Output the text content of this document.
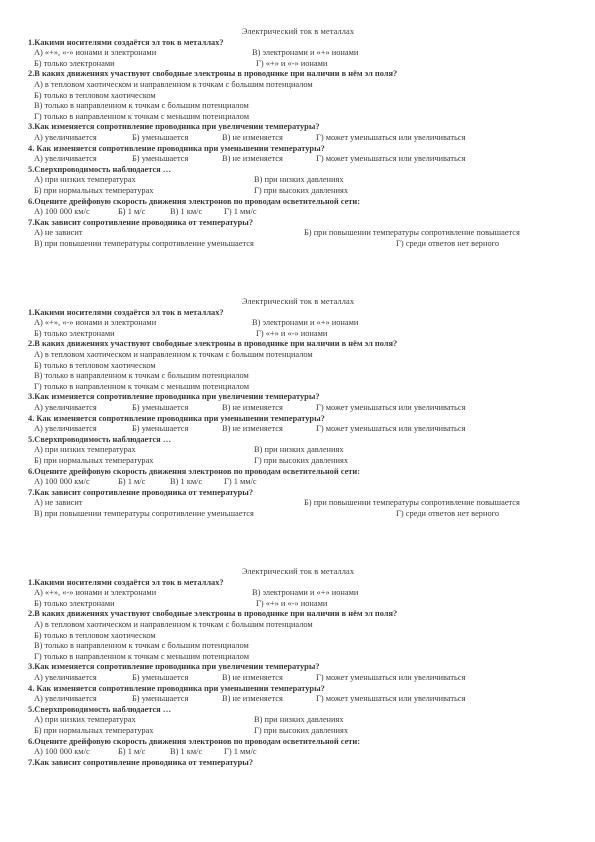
Электрический ток в металлах
1.Какими носителями создаётся эл ток в металлах?
А) «+», «-» ионами и электронами	В) электронами и «+» ионами
Б) только электронами	Г) «+» и «-» ионами
2.В каких движениях участвуют свободные электроны в проводнике при наличии в нём эл поля?
А) в тепловом хаотическом и направленном к точкам с большим потенциалом
Б) только в тепловом хаотическом
В) только в направленном к точкам с большим потенциалом
Г) только в направленном к точкам с меньшим потенциалом
3.Как изменяется сопротивление проводника при увеличении температуры?
А) увеличивается	Б) уменьшается	В) не изменяется	Г) может уменьшаться или увеличиваться
4. Как изменяется сопротивление проводника при уменьшении температуры?
А) увеличивается	Б) уменьшается	В) не изменяется	Г) может уменьшаться или увеличиваться
5.Сверхпроводимость наблюдается …
А) при низких температурах	В) при низких давлениях
Б) при нормальных температурах	Г) при высоких давлениях
6.Оцените дрейфовую скорость движения электронов по проводам осветительной сети:
А) 100 000 км/с	Б) 1 м/с	В) 1 км/с	Г) 1 мм/с
7.Как зависит сопротивление проводника от температуры?
А) не зависит	Б) при повышении температуры сопротивление повышается
В) при повышении температуры сопротивление уменьшается	Г) среди ответов нет верного
Электрический ток в металлах
1.Какими носителями создаётся эл ток в металлах?
А) «+», «-» ионами и электронами	В) электронами и «+» ионами
Б) только электронами	Г) «+» и «-» ионами
2.В каких движениях участвуют свободные электроны в проводнике при наличии в нём эл поля?
А) в тепловом хаотическом и направленном к точкам с большим потенциалом
Б) только в тепловом хаотическом
В) только в направленном к точкам с большим потенциалом
Г) только в направленном к точкам с меньшим потенциалом
3.Как изменяется сопротивление проводника при увеличении температуры?
А) увеличивается	Б) уменьшается	В) не изменяется	Г) может уменьшаться или увеличиваться
4. Как изменяется сопротивление проводника при уменьшении температуры?
А) увеличивается	Б) уменьшается	В) не изменяется	Г) может уменьшаться или увеличиваться
5.Сверхпроводимость наблюдается …
А) при низких температурах	В) при низких давлениях
Б) при нормальных температурах	Г) при высоких давлениях
6.Оцените дрейфовую скорость движения электронов по проводам осветительной сети:
А) 100 000 км/с	Б) 1 м/с	В) 1 км/с	Г) 1 мм/с
7.Как зависит сопротивление проводника от температуры?
А) не зависит	Б) при повышении температуры сопротивление повышается
В) при повышении температуры сопротивление уменьшается	Г) среди ответов нет верного
Электрический ток в металлах
1.Какими носителями создаётся эл ток в металлах?
А) «+», «-» ионами и электронами	В) электронами и «+» ионами
Б) только электронами	Г) «+» и «-» ионами
2.В каких движениях участвуют свободные электроны в проводнике при наличии в нём эл поля?
А) в тепловом хаотическом и направленном к точкам с большим потенциалом
Б) только в тепловом хаотическом
В) только в направленном к точкам с большим потенциалом
Г) только в направленном к точкам с меньшим потенциалом
3.Как изменяется сопротивление проводника при увеличении температуры?
А) увеличивается	Б) уменьшается	В) не изменяется	Г) может уменьшаться или увеличиваться
4. Как изменяется сопротивление проводника при уменьшении температуры?
А) увеличивается	Б) уменьшается	В) не изменяется	Г) может уменьшаться или увеличиваться
5.Сверхпроводимость наблюдается …
А) при низких температурах	В) при низких давлениях
Б) при нормальных температурах	Г) при высоких давлениях
6.Оцените дрейфовую скорость движения электронов по проводам осветительной сети:
А) 100 000 км/с	Б) 1 м/с	В) 1 км/с	Г) 1 мм/с
7.Как зависит сопротивление проводника от температуры?
